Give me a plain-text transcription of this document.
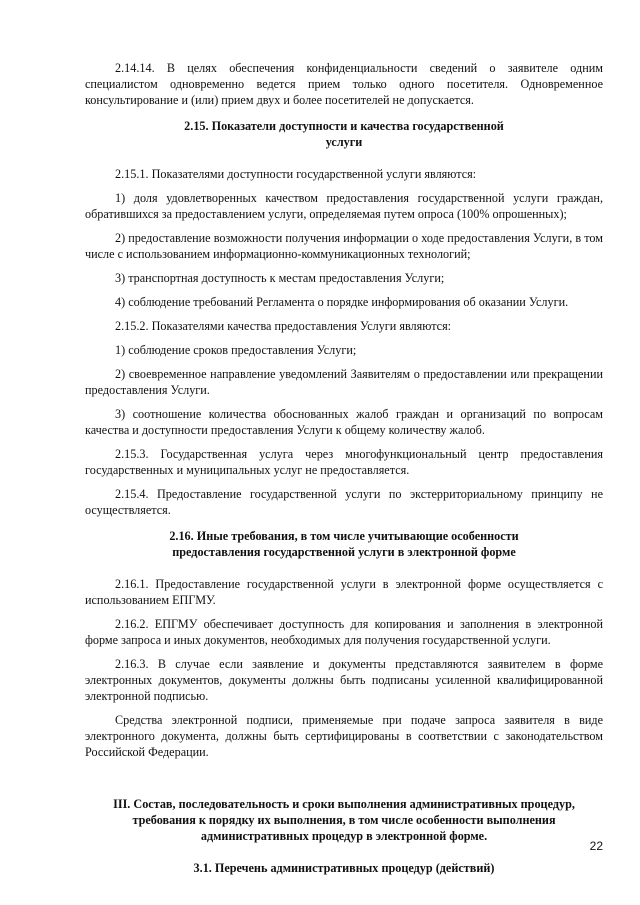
2.14.14. В целях обеспечения конфиденциальности сведений о заявителе одним специалистом одновременно ведется прием только одного посетителя. Одновременное консультирование и (или) прием двух и более посетителей не допускается.

2.15. Показатели доступности и качества государственной

услуги

2.15.1. Показателями доступности государственной услуги являются:

1) доля удовлетворенных качеством предоставления государственной услуги граждан, обратившихся за предоставлением услуги, определяемая путем опроса (100% опрошенных);

2) предоставление возможности получения информации о ходе предоставления Услуги, в том числе с использованием информационно-коммуникационных технологий;

3) транспортная доступность к местам предоставления Услуги;

4) соблюдение требований Регламента о порядке информирования об оказании Услуги.

2.15.2. Показателями качества предоставления Услуги являются:

1) соблюдение сроков предоставления Услуги;

2) своевременное направление уведомлений Заявителям о предоставлении или прекращении предоставления Услуги.

3) соотношение количества обоснованных жалоб граждан и организаций по вопросам качества и доступности предоставления Услуги к общему количеству жалоб.

2.15.3. Государственная услуга через многофункциональный центр предоставления государственных и муниципальных услуг не предоставляется.

2.15.4. Предоставление государственной услуги по экстерриториальному принципу не осуществляется.

2.16. Иные требования, в том числе учитывающие особенности

предоставления государственной услуги в электронной форме

2.16.1. Предоставление государственной услуги в электронной форме осуществляется с использованием ЕПГМУ.

2.16.2. ЕПГМУ обеспечивает доступность для копирования и заполнения в электронной форме запроса и иных документов, необходимых для получения государственной услуги.

2.16.3. В случае если заявление и документы представляются заявителем в форме электронных документов, документы должны быть подписаны усиленной квалифицированной электронной подписью.

Средства электронной подписи, применяемые при подаче запроса заявителя в виде электронного документа, должны быть сертифицированы в соответствии с законодательством Российской Федерации.

III. Состав, последовательность и сроки выполнения административных процедур,

требования к порядку их выполнения, в том числе особенности выполнения

административных процедур в электронной форме.

3.1. Перечень административных процедур (действий)

22
